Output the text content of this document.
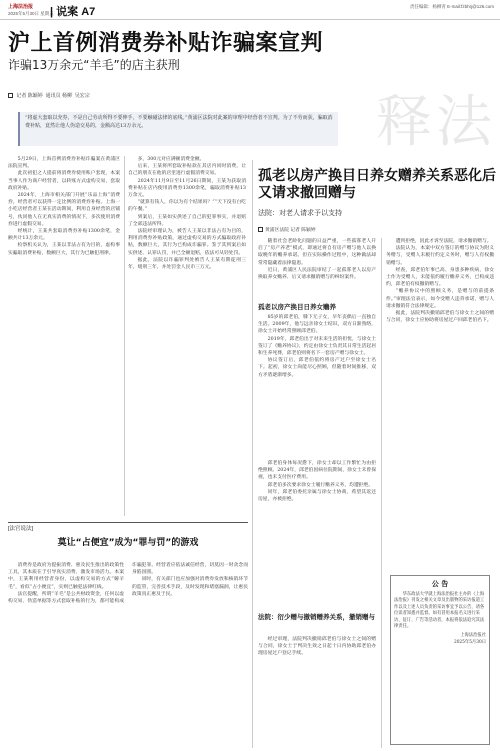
上海法治报
2025年5月30日 星期五
| 说案 A7	责任编辑：杨柳青 E-mail:fzbhrj@126.com
释法
沪上首例消费券补贴诈骗案宣判
诈骗13万余元“羊毛”的店主获刑
记者 陈颖婷 通讯员 杨柳 吴宏宗
“将虚大套取以充券，不是自己劳动所得不要伸手，不要触碰法律的底线。”黄浦区法院对此案的审理中经营者不宣判。为了不劳而获，骗取消费补贴，竟然让他人伪造交易的，金额高达13万余元。

5月29日，上海首例消费券补贴诈骗案在黄浦区法院宣判。

此次初犯之人提前将消费券使用账户套现，本案当事人作为商户经营者，以转账方式虚构交易，套取政府补贴。

2024年，上海市相关部门开展“乐品上海”消费券，经营者可以获得一定比例的消费券补贴。上海一小吃店经营者王某在活动期间，利用自身经营的店铺号，伙同他人在无真实消费的情况下，多次使用消费券进行虚假交易。

经统计，王某共套取消费券补贴1300余笔，金额共计13万余元。

检察机关认为，王某以非法占有为目的，虚构事实骗取消费补贴，数额巨大，其行为已触犯刑律。

多，300元对应满额消费金额。

后来，王某将所套取补贴款在其店内同时消费，让自己的朋友在他的店里进行虚假消费交易。

2024年11月9日至11月26日期间，王某为获取消费补贴在店内使用消费券1300余笔，骗取消费补贴13万余元。

“就算有钱人，你以为有个结果吗？”“天下没有白吃的午餐。”

到案后，王某如实供述了自己的犯罪事实，并退赔了全部违法所得。

法院经审理认为，被告人王某以非法占有为目的，利用消费券补贴政策，通过虚构交易的方式骗取政府补贴，数额巨大，其行为已构成诈骗罪。鉴于其到案后如实供述、认罪认罚，并已全额退赔，依法可从轻处罚。

据此，法院以诈骗罪判处被告人王某有期徒刑三年，缓刑三年，并处罚金人民币三万元。

[法官说法]
莫让“占便宜”成为“罪与罚”的游戏

消费券是政府为提振消费、惠及民生推出的政策性工具，其本质在于引导真实消费、激发市场活力。本案中，王某利用经营者身份，以虚构交易的方式“薅羊毛”，看似“占小便宜”，实则已触犯法律红线。

法官提醒，所谓“羊毛”是公共财政资金，任何以虚构交易、伪造单据等方式套取补贴的行为，都可能构成诈骗犯罪。经营者应依法诚信经营，切莫因一时贪念而身陷囹圄。

同时，有关部门也应加强对消费券发放和核销环节的监管，完善技术手段，及时发现和堵塞漏洞，让惠民政策真正惠及于民。

孤老以房产换目日养女赠养关系恶化后又请求撤回赠与
法院：对老人请求予以支持
黄浦区法院 记者 陈颖婷

随着社会老龄化问题的日益严重，一些孤寡老人开启了“房产养老”模式，即通过将自有房产赠与他人以换取晚年的赡养承诺。但在实际操作过程中，这种做法却常常隐藏着法律隐患。

近日，黄浦区人民法院审结了一起孤寡老人以房产换取养女赡养、后又请求撤销赠与的纠纷案件。

孤老以房产换目日养女赡养

85岁的邱老伯，膝下无子女，早年丧偶后一直独自生活。2009年，他与远亲徐女士结识，双方日渐熟络，徐女士开始经常照顾邱老伯。

2019年，邱老伯出于对未来生活的担忧，与徐女士签订了《赡养协议》，约定由徐女士负责其日常生活起居和生养死葬，邱老伯则将名下一套房产赠与徐女士。

协议签订后，邱老伯依约将房产过户至徐女士名下。起初，徐女士尚能尽心照顾，但随着时间推移，双方矛盾逐渐增多。

邱老伯身体每况愈下，徐女士却以工作繁忙为由拒绝照顾。2024年，邱老伯因病住院期间，徐女士未曾探视，也未支付医疗费用。

邱老伯多次要求徐女士履行赡养义务，均遭拒绝。

同年，邱老伯委托亲属与徐女士协商，希望其返还房屋，亦被拒绝。

法院：衍少赠与撤销赠养关系，撤销赠与

经过审理，法院判决撤销邱老伯与徐女士之间的赠与合同，徐女士于判决生效之日起十日内协助邱老伯办理房屋过户登记手续。

遭到拒绝，因此才诉至法院，请求撤销赠与。

法院认为，本案中双方签订的赠与协议为附义务赠与，受赠人未履行约定义务时，赠与人有权撤销赠与。

经查，邱老伯年事已高、身患多种疾病，徐女士作为受赠人，未能依约履行赡养义务，已构成违约，邱老伯有权撤销赠与。

“赡养协议中的照顾义务，是赠与的前提条件。”审理法官表示，如今受赠人违背承诺，赠与人请求撤销符合法律规定。

据此，法院判决撤销邱老伯与徐女士之间的赠与合同，徐女士应协助将房屋过户回邱老伯名下。

公 告
华东政法大学就上海法治报社主办的《上海法治报》刊发之相关文章及出版物的采访报道工作以及上述人员负责的采访事宜予以公告，请各位读者知悉并监督。如有冒用本报名义进行采访、征订、广告等活动者，本报将依法追究其法律责任。
上海法治报社
2025年5月30日
